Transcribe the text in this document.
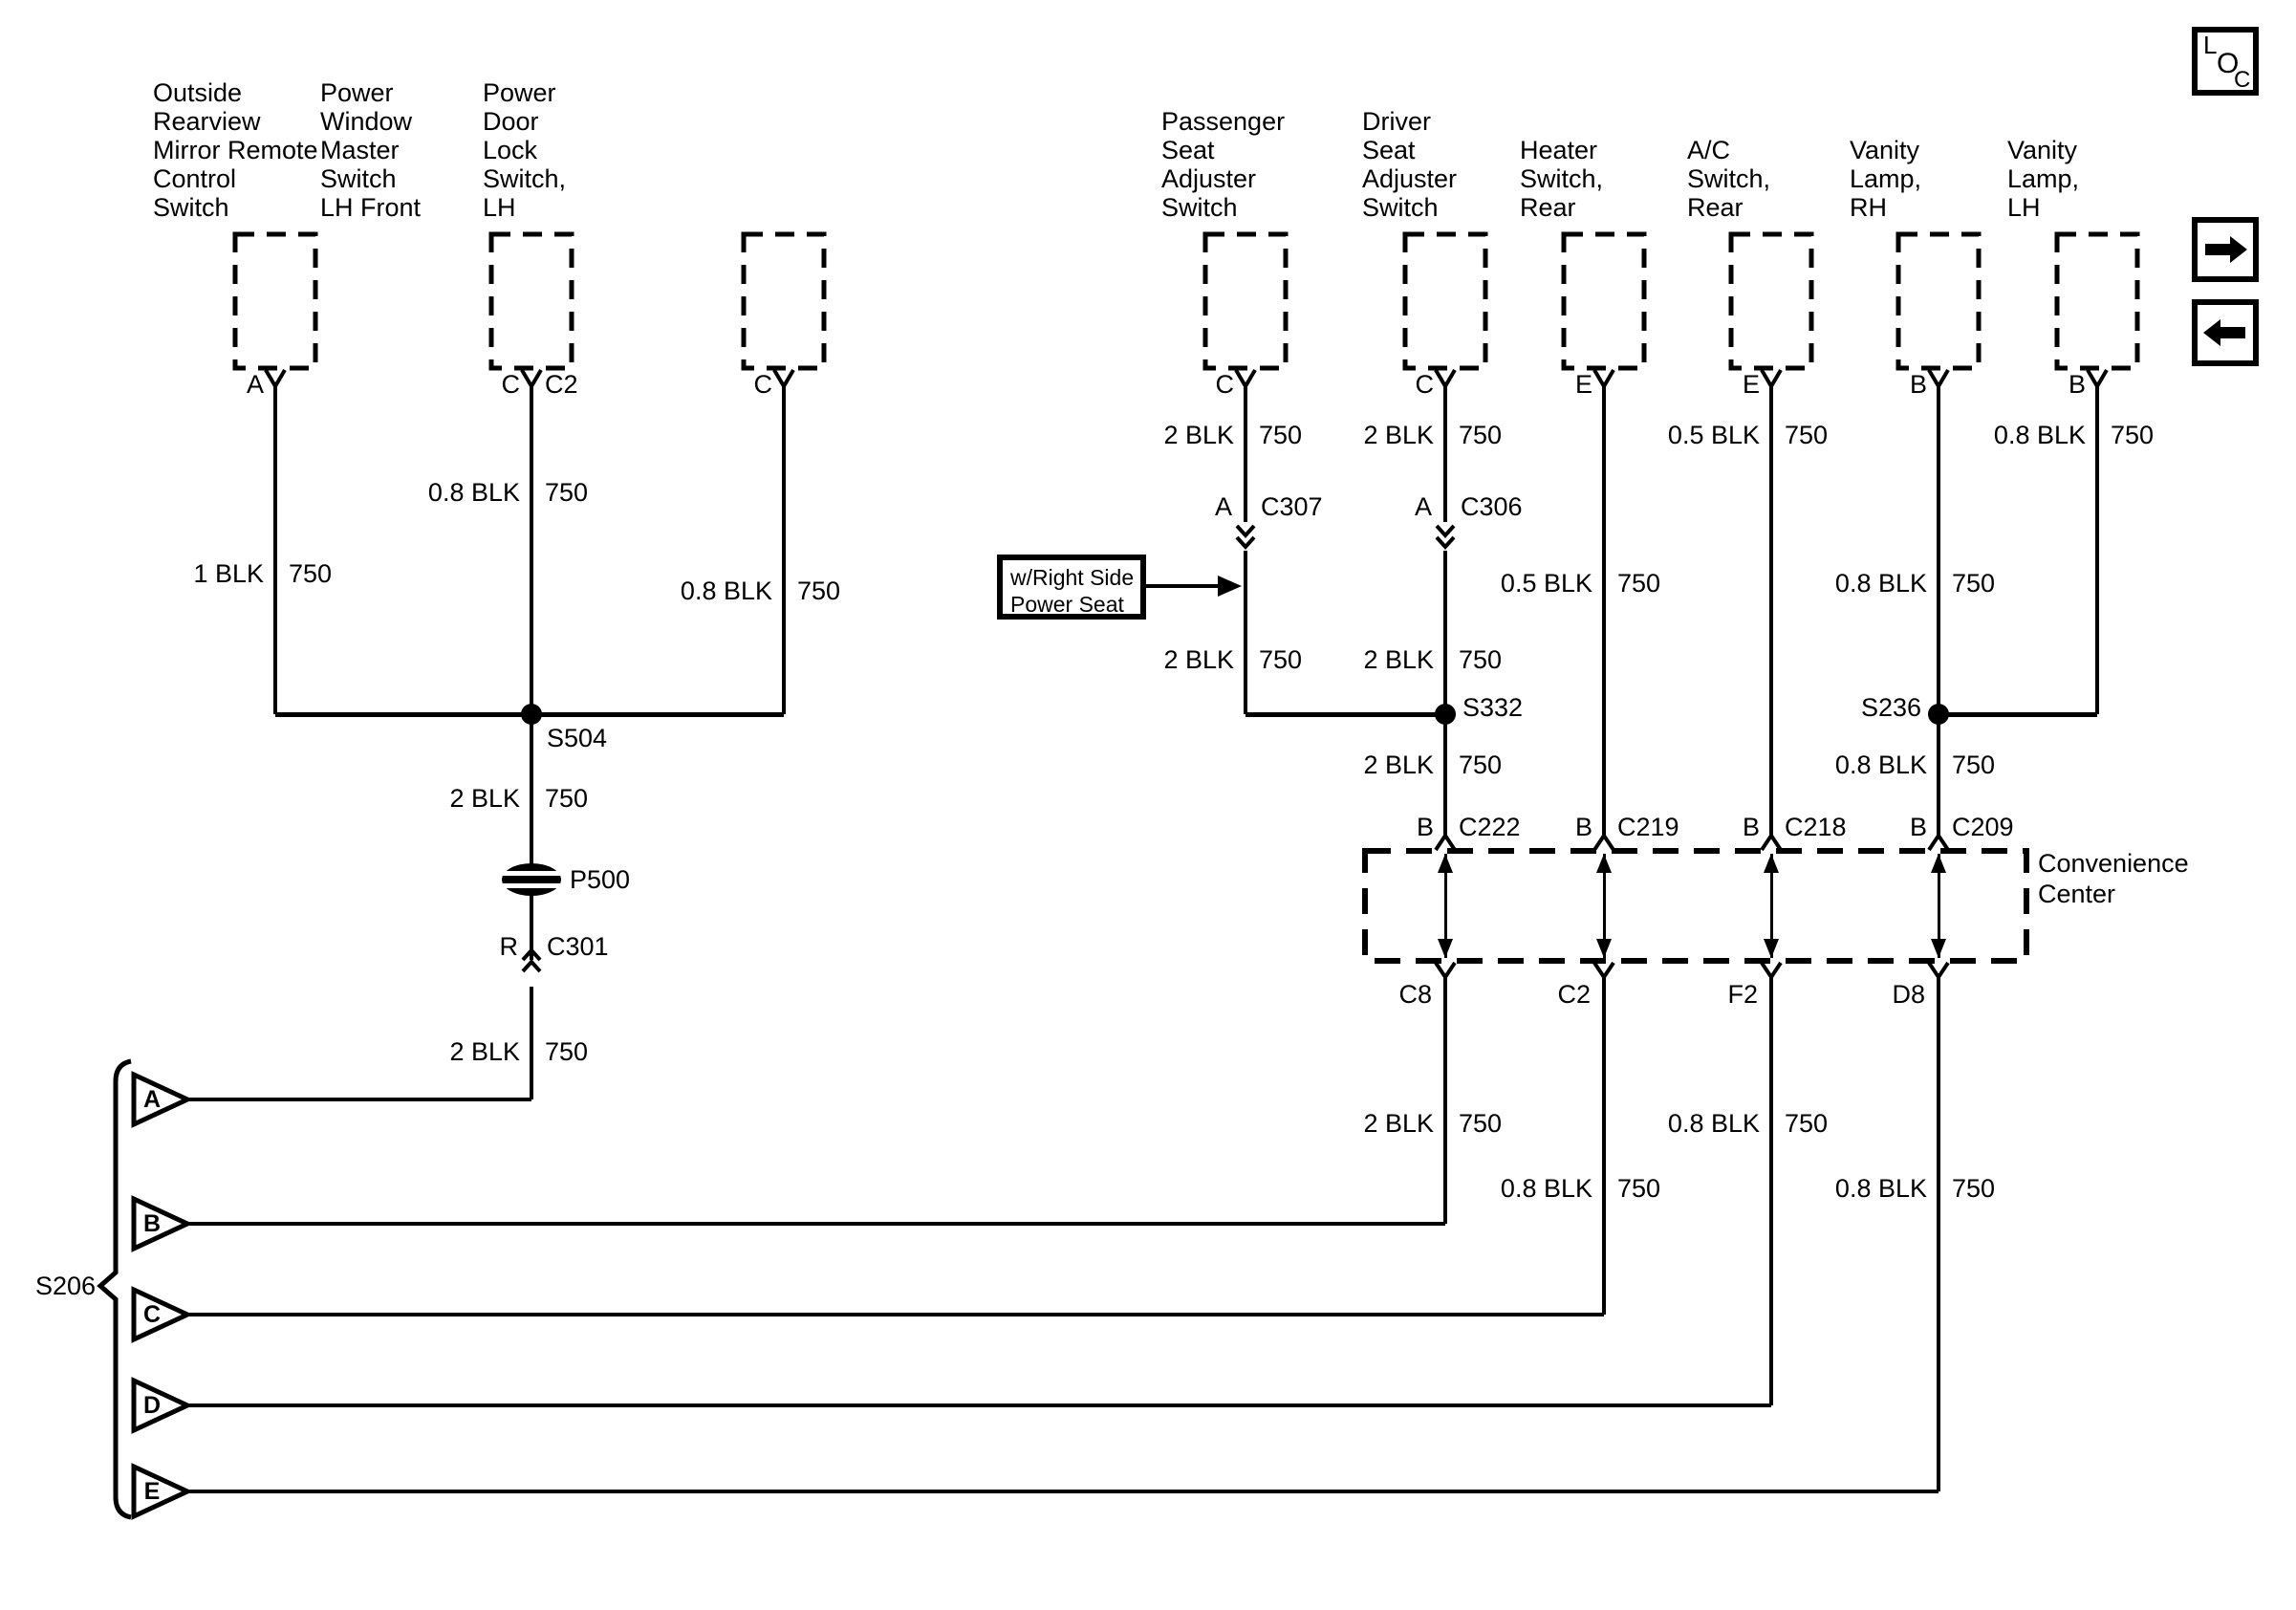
Outside
Rearview
Mirror Remote
Control
Switch
A
Power
Window
Master
Switch
LH Front
C C2
Power
Door
Lock
Switch,
LH
C
Passenger
Seat
Adjuster
Switch
C
Driver
Seat
Adjuster
Switch
C
Heater
Switch,
Rear
E
A/C
Switch,
Rear
E
Vanity
Lamp,
RH
B
Vanity
Lamp,
LH
B
S504
S332	S236
P500
R C301
A C307	A C306
2 BLK 750	2 BLK 750	0.5 BLK 750	0.8 BLK 750
0.8 BLK 750
1 BLK 750	0.5 BLK 750	0.8 BLK 750
0.8 BLK 750
2 BLK 750	2 BLK 750
2 BLK 750	0.8 BLK 750
2 BLK 750
2 BLK 750
2 BLK 750	0.8 BLK 750
0.8 BLK 750	0.8 BLK 750
Convenience
Center
B C222
C8
B C219
C2
B C218
F2
B C209
D8
S206
A
B
C
D
E
w/Right Side
Power Seat
L
O
C
